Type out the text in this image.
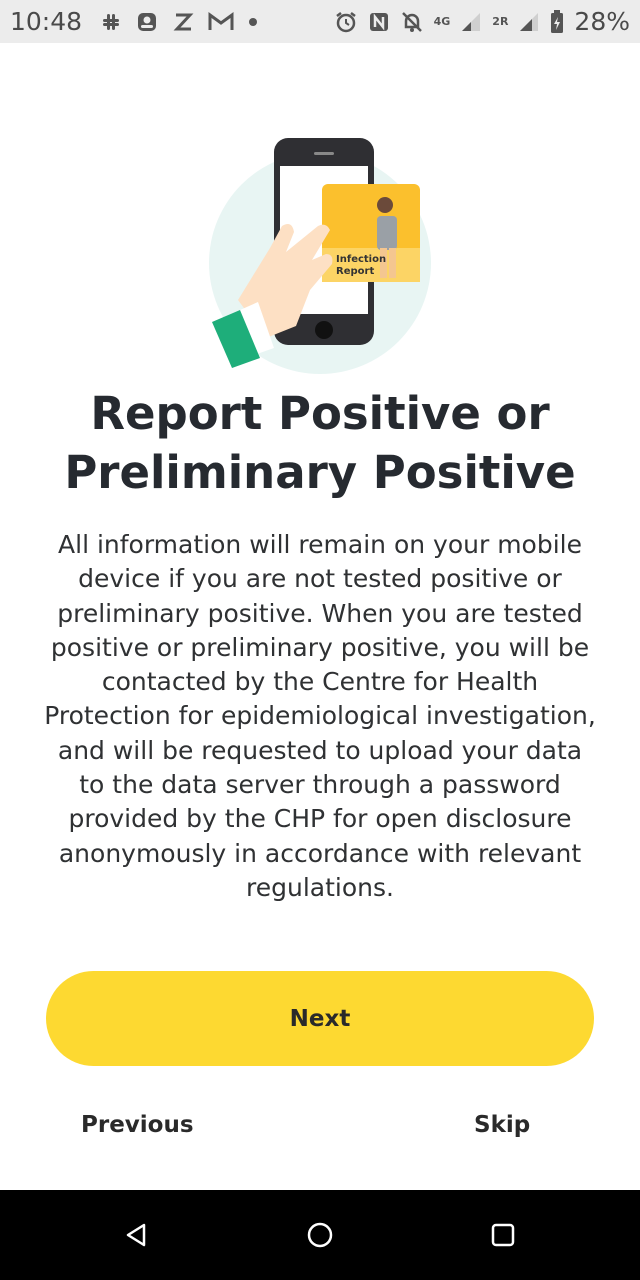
10:48	4G	2R	28%
Infection
Report
Report Positive or Preliminary Positive
All information will remain on your mobile device if you are not tested positive or preliminary positive. When you are tested positive or preliminary positive, you will be contacted by the Centre for Health Protection for epidemiological investigation, and will be requested to upload your data to the data server through a password provided by the CHP for open disclosure anonymously in accordance with relevant regulations.
Next
Previous	Skip
